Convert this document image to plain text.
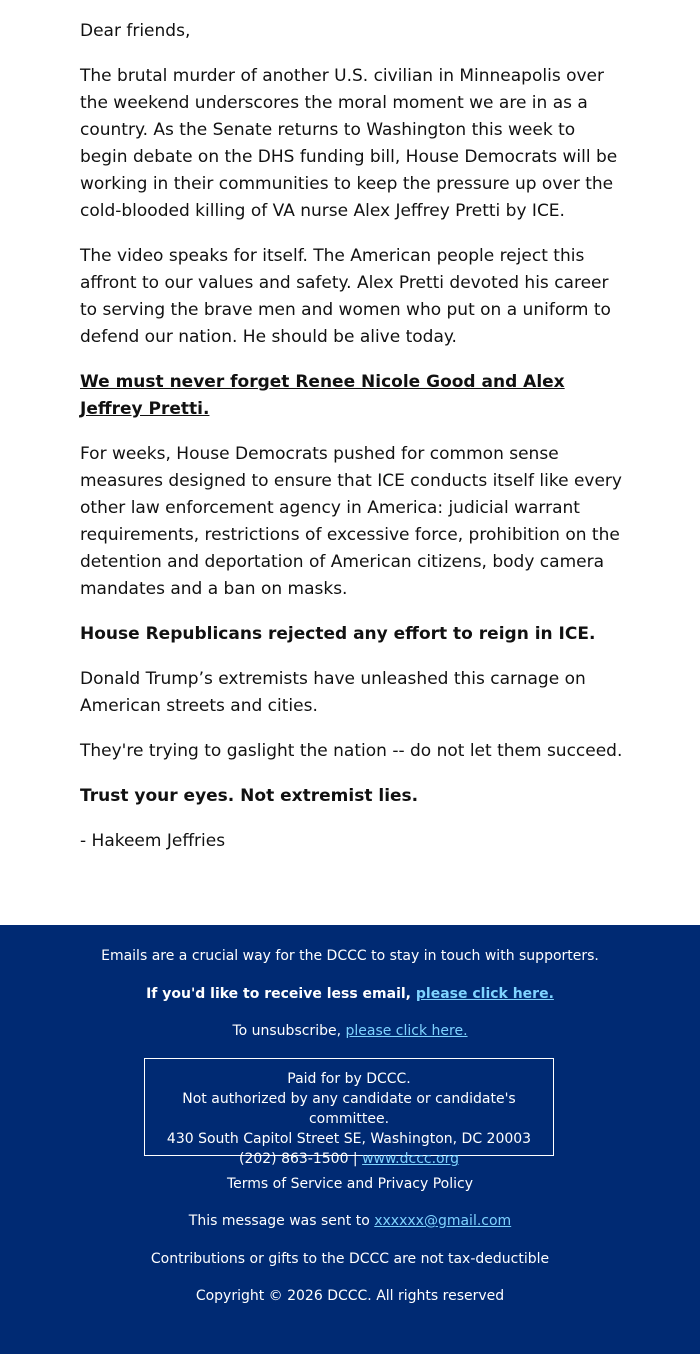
Dear friends,

The brutal murder of another U.S. civilian in Minneapolis over the weekend underscores the moral moment we are in as a country. As the Senate returns to Washington this week to begin debate on the DHS funding bill, House Democrats will be working in their communities to keep the pressure up over the cold-blooded killing of VA nurse Alex Jeffrey Pretti by ICE.

The video speaks for itself. The American people reject this affront to our values and safety. Alex Pretti devoted his career to serving the brave men and women who put on a uniform to defend our nation. He should be alive today.

We must never forget Renee Nicole Good and Alex Jeffrey Pretti.

For weeks, House Democrats pushed for common sense measures designed to ensure that ICE conducts itself like every other law enforcement agency in America: judicial warrant requirements, restrictions of excessive force, prohibition on the detention and deportation of American citizens, body camera mandates and a ban on masks.

House Republicans rejected any effort to reign in ICE.

Donald Trump’s extremists have unleashed this carnage on American streets and cities.

They're trying to gaslight the nation -- do not let them succeed.

Trust your eyes. Not extremist lies.

- Hakeem Jeffries

Emails are a crucial way for the DCCC to stay in touch with supporters.
If you'd like to receive less email, please click here.
To unsubscribe, please click here.
Paid for by DCCC.
Not authorized by any candidate or candidate's committee.
430 South Capitol Street SE, Washington, DC 20003
(202) 863-1500 | www.dccc.org
Terms of Service and Privacy Policy
This message was sent to xxxxxx@gmail.com
Contributions or gifts to the DCCC are not tax-deductible
Copyright © 2026 DCCC. All rights reserved
